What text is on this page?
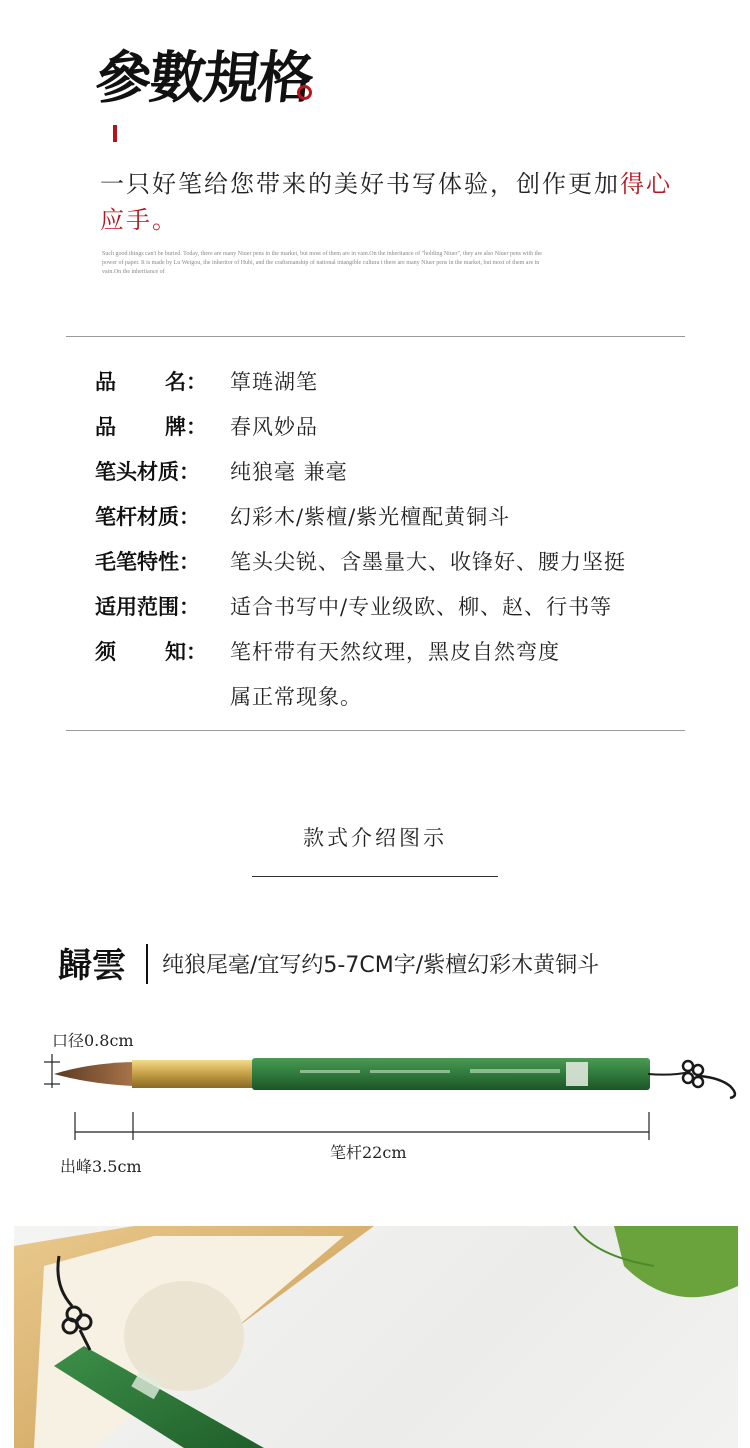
參數規格
一只好笔给您带来的美好书写体验，创作更加得心应手。
Such good things can't be buried. Today, there are many Niuer pens in the market, but most of them are in vain.On the inheritance of "holding Niuer", they are also Niuer pens with the power of paper. It is made by Lu Weigou, the inheritor of Hubi, and the craftsmanship of national intangible cultura t there are many Niuer pens in the market, but most of them are in vain.On the inheritance of
品 名： 䈇琏湖笔
品 牌： 春风妙品
笔头材质：	纯狼毫 兼毫
笔杆材质：	幻彩木/紫檀/紫光檀配黄铜斗
毛笔特性：	笔头尖锐、含墨量大、收锋好、腰力坚挺
适用范围：	适合书写中/专业级欧、柳、赵、行书等
须 知： 笔杆带有天然纹理，黑皮自然弯度
属正常现象。
款式介绍图示
歸雲 纯狼尾毫/宜写约5-7CM字/紫檀幻彩木黄铜斗
口径0.8cm
笔杆22cm
出峰3.5cm
